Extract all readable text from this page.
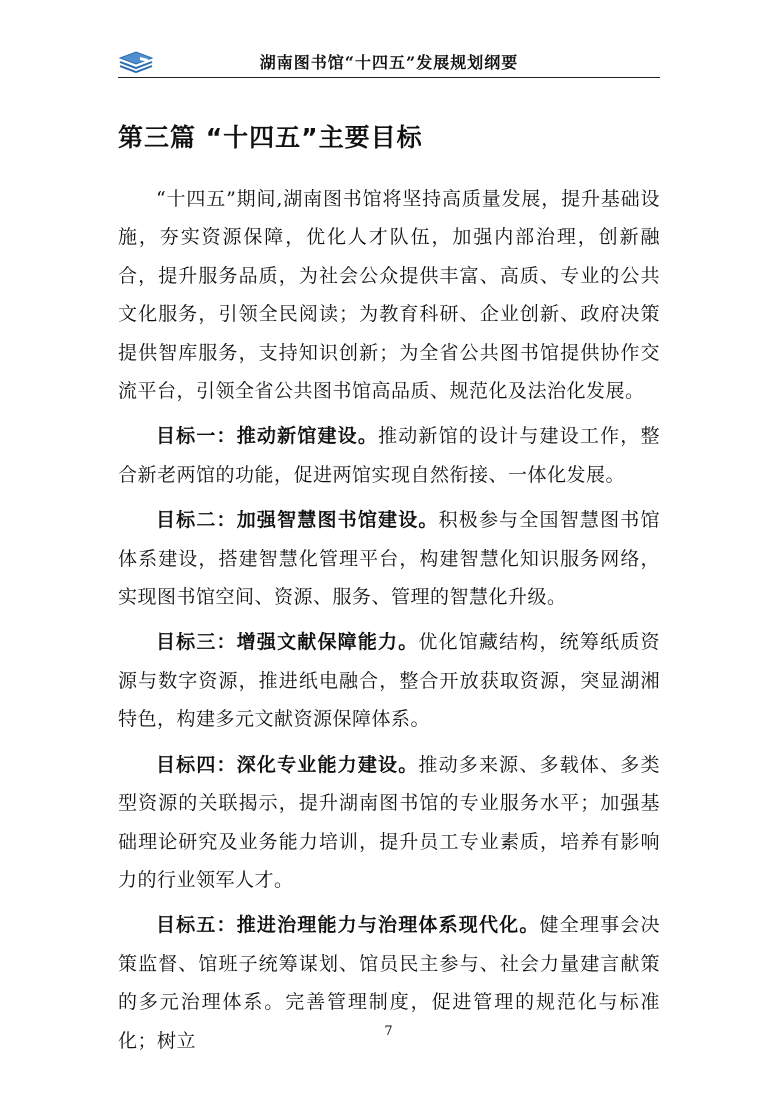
湖南图书馆“十四五”发展规划纲要
第三篇 “十四五”主要目标

“十四五”期间,湖南图书馆将坚持高质量发展，提升基础设施，夯实资源保障，优化人才队伍，加强内部治理，创新融合，提升服务品质，为社会公众提供丰富、高质、专业的公共文化服务，引领全民阅读；为教育科研、企业创新、政府决策提供智库服务，支持知识创新；为全省公共图书馆提供协作交流平台，引领全省公共图书馆高品质、规范化及法治化发展。

目标一：推动新馆建设。推动新馆的设计与建设工作，整合新老两馆的功能，促进两馆实现自然衔接、一体化发展。

目标二：加强智慧图书馆建设。积极参与全国智慧图书馆体系建设，搭建智慧化管理平台，构建智慧化知识服务网络，实现图书馆空间、资源、服务、管理的智慧化升级。

目标三：增强文献保障能力。优化馆藏结构，统筹纸质资源与数字资源，推进纸电融合，整合开放获取资源，突显湖湘特色，构建多元文献资源保障体系。

目标四：深化专业能力建设。推动多来源、多载体、多类型资源的关联揭示，提升湖南图书馆的专业服务水平；加强基础理论研究及业务能力培训，提升员工专业素质，培养有影响力的行业领军人才。

目标五：推进治理能力与治理体系现代化。健全理事会决策监督、馆班子统筹谋划、馆员民主参与、社会力量建言献策的多元治理体系。完善管理制度，促进管理的规范化与标准化；树立	7
